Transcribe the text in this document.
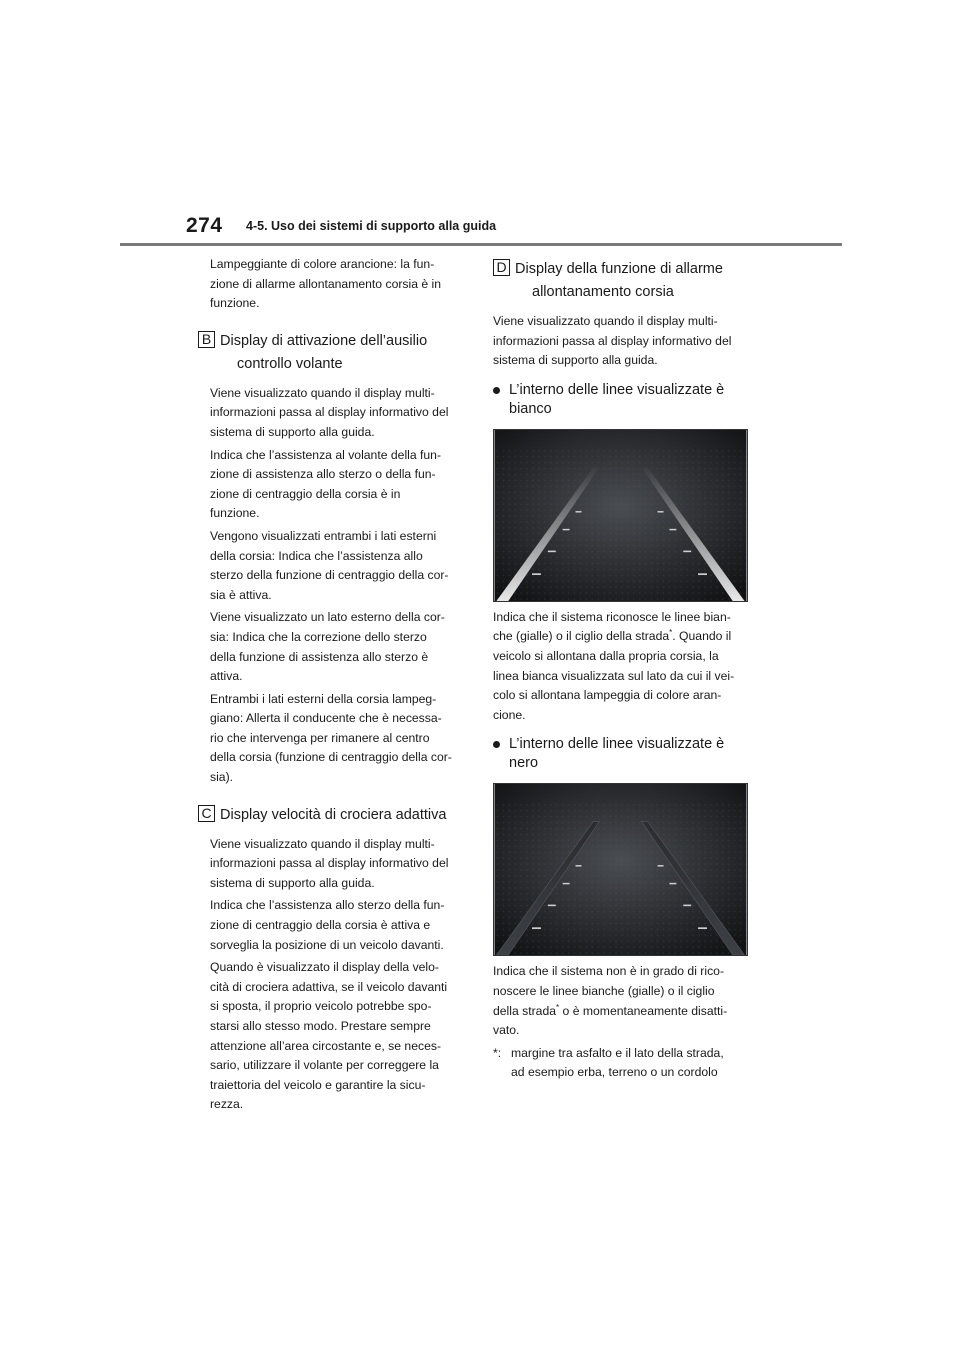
274 4-5. Uso dei sistemi di supporto alla guida

Lampeggiante di colore arancione: la fun-
zione di allarme allontanamento corsia è in
funzione.

B Display di attivazione dell’ausilio
controllo volante

Viene visualizzato quando il display multi-
informazioni passa al display informativo del
sistema di supporto alla guida.

Indica che l’assistenza al volante della fun-
zione di assistenza allo sterzo o della fun-
zione di centraggio della corsia è in
funzione.

Vengono visualizzati entrambi i lati esterni
della corsia: Indica che l’assistenza allo
sterzo della funzione di centraggio della cor-
sia è attiva.

Viene visualizzato un lato esterno della cor-
sia: Indica che la correzione dello sterzo
della funzione di assistenza allo sterzo è
attiva.

Entrambi i lati esterni della corsia lampeg-
giano: Allerta il conducente che è necessa-
rio che intervenga per rimanere al centro
della corsia (funzione di centraggio della cor-
sia).

C Display velocità di crociera adattiva

Viene visualizzato quando il display multi-
informazioni passa al display informativo del
sistema di supporto alla guida.

Indica che l’assistenza allo sterzo della fun-
zione di centraggio della corsia è attiva e
sorveglia la posizione di un veicolo davanti.

Quando è visualizzato il display della velo-
cità di crociera adattiva, se il veicolo davanti
si sposta, il proprio veicolo potrebbe spo-
starsi allo stesso modo. Prestare sempre
attenzione all’area circostante e, se neces-
sario, utilizzare il volante per correggere la
traiettoria del veicolo e garantire la sicu-
rezza.

D Display della funzione di allarme
allontanamento corsia

Viene visualizzato quando il display multi-
informazioni passa al display informativo del
sistema di supporto alla guida.

L’interno delle linee visualizzate è
bianco

Indica che il sistema riconosce le linee bian-
che (gialle) o il ciglio della strada*. Quando il
veicolo si allontana dalla propria corsia, la
linea bianca visualizzata sul lato da cui il vei-
colo si allontana lampeggia di colore aran-
cione.

L’interno delle linee visualizzate è
nero

Indica che il sistema non è in grado di rico-
noscere le linee bianche (gialle) o il ciglio
della strada* o è momentaneamente disatti-
vato.

*: margine tra asfalto e il lato della strada,
ad esempio erba, terreno o un cordolo
